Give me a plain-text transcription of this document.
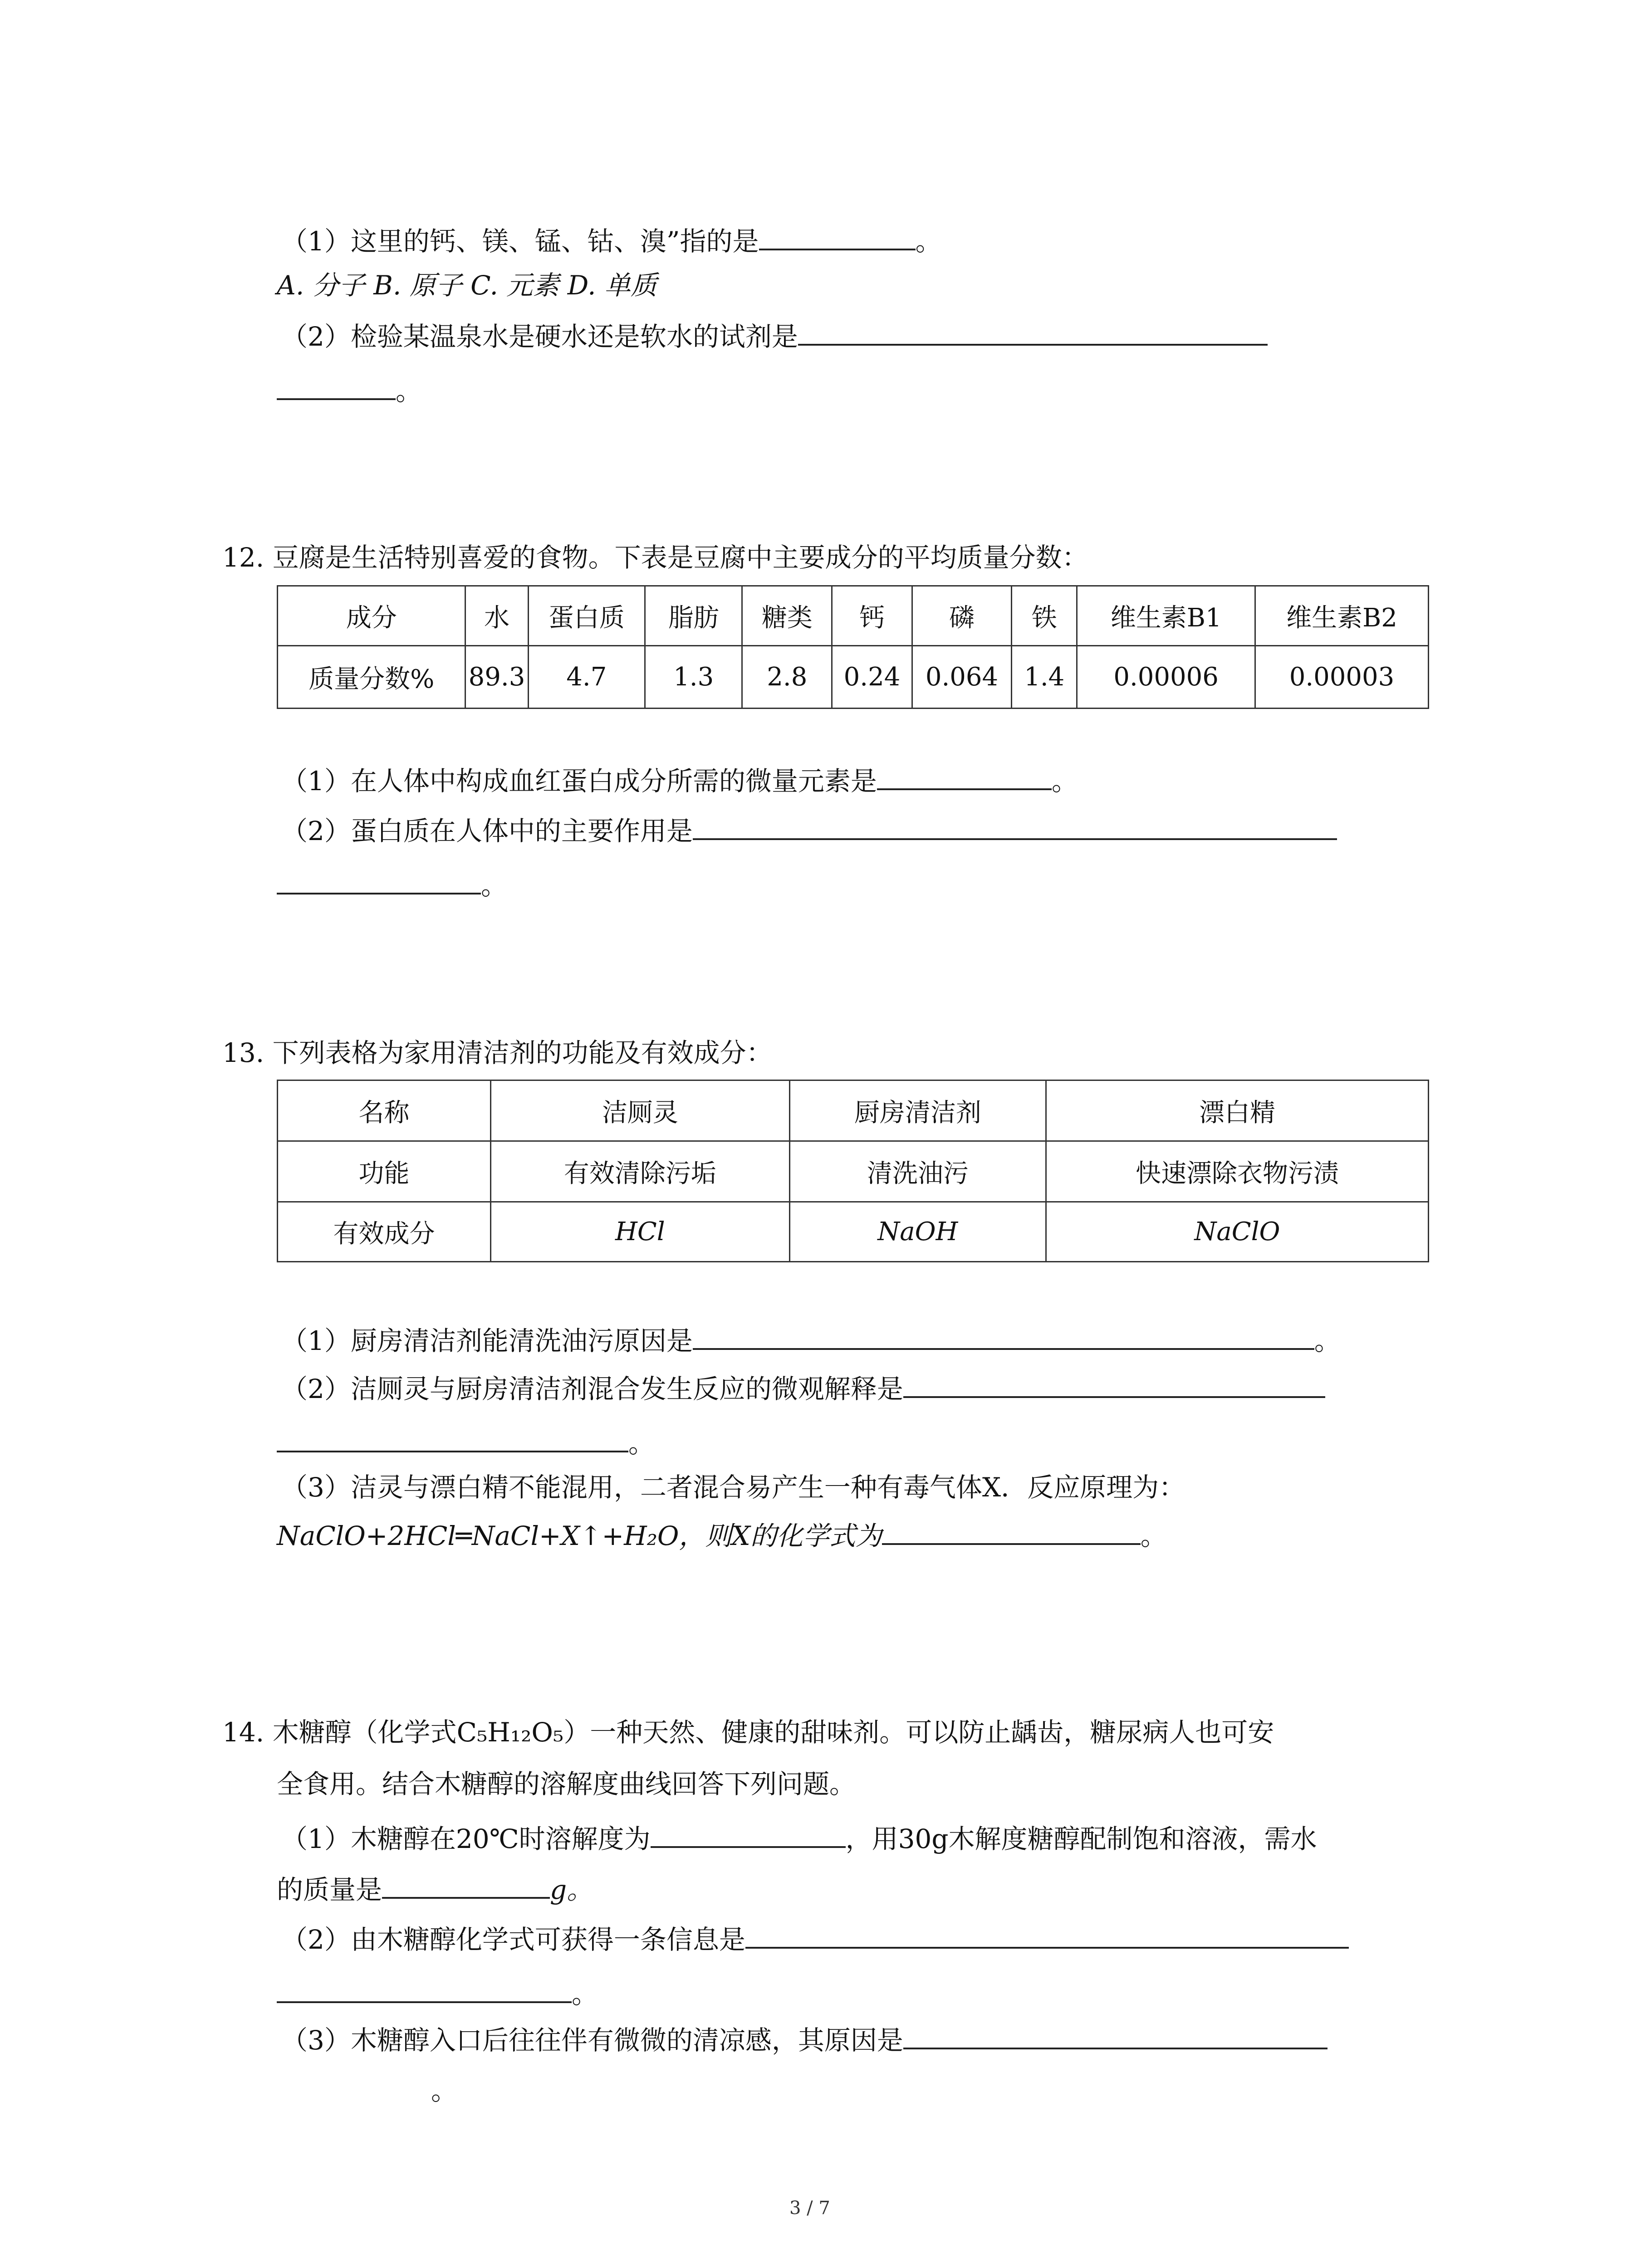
（1）这里的钙、镁、锰、钴、溴”指的是	。
A. 分子 B. 原子 C. 元素 D. 单质
（2）检验某温泉水是硬水还是软水的试剂是
。
12. 豆腐是生活特别喜爱的食物。下表是豆腐中主要成分的平均质量分数：
成分	水	蛋白质	脂肪	糖类	钙	磷	铁	维生素B1	维生素B2
质量分数%	89.3	4.7	1.3	2.8	0.24	0.064	1.4	0.00006	0.00003
（1）在人体中构成血红蛋白成分所需的微量元素是	。
（2）蛋白质在人体中的主要作用是
。
13. 下列表格为家用清洁剂的功能及有效成分：
名称	洁厕灵	厨房清洁剂	漂白精
功能	有效清除污垢	清洗油污	快速漂除衣物污渍
有效成分	HCl	NaOH	NaClO
（1）厨房清洁剂能清洗油污原因是	。
（2）洁厕灵与厨房清洁剂混合发生反应的微观解释是
。
（3）洁灵与漂白精不能混用，二者混合易产生一种有毒气体X．反应原理为：
NaClO+2HCl═NaCl+X↑+H₂O，则X的化学式为	。
14. 木糖醇（化学式C₅H₁₂O₅）一种天然、健康的甜味剂。可以防止龋齿，糖尿病人也可安
全食用。结合木糖醇的溶解度曲线回答下列问题。
（1）木糖醇在20℃时溶解度为	，用30g木解度糖醇配制饱和溶液，需水
的质量是	g。
（2）由木糖醇化学式可获得一条信息是
。
（3）木糖醇入口后往往伴有微微的清凉感，其原因是
。
3 / 7
